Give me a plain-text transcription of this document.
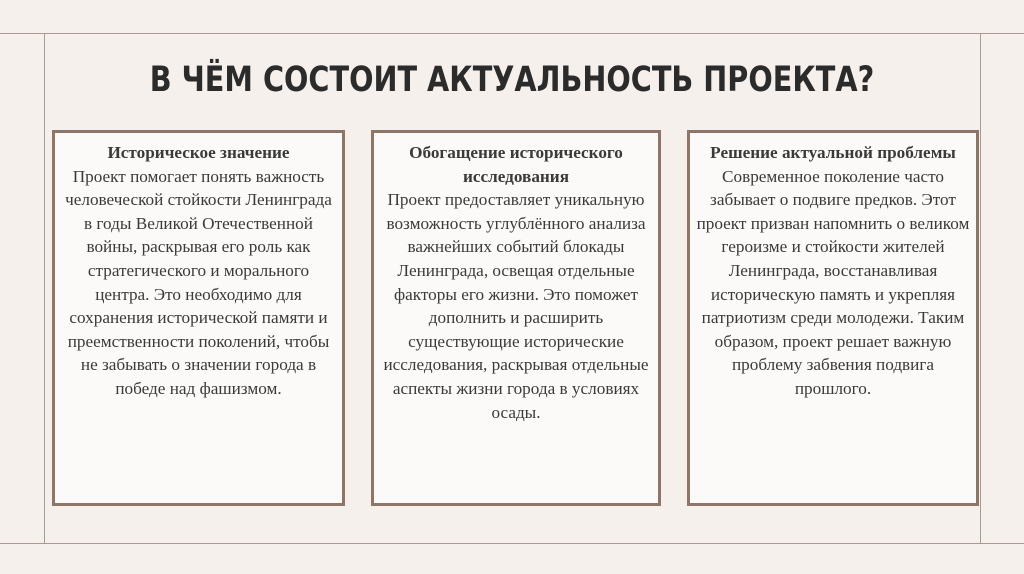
В ЧЁМ СОСТОИТ АКТУАЛЬНОСТЬ ПРОЕКТА?
Историческое значение
Проект помогает понять важность человеческой стойкости Ленинграда в годы Великой Отечественной войны, раскрывая его роль как стратегического и морального центра. Это необходимо для сохранения исторической памяти и преемственности поколений, чтобы не забывать о значении города в победе над фашизмом.
Обогащение исторического исследования
Проект предоставляет уникальную возможность углублённого анализа важнейших событий блокады Ленинграда, освещая отдельные факторы его жизни. Это поможет дополнить и расширить существующие исторические исследования, раскрывая отдельные аспекты жизни города в условиях осады.
Решение актуальной проблемы
Современное поколение часто забывает о подвиге предков. Этот проект призван напомнить о великом героизме и стойкости жителей Ленинграда, восстанавливая историческую память и укрепляя патриотизм среди молодежи. Таким образом, проект решает важную проблему забвения подвига прошлого.
